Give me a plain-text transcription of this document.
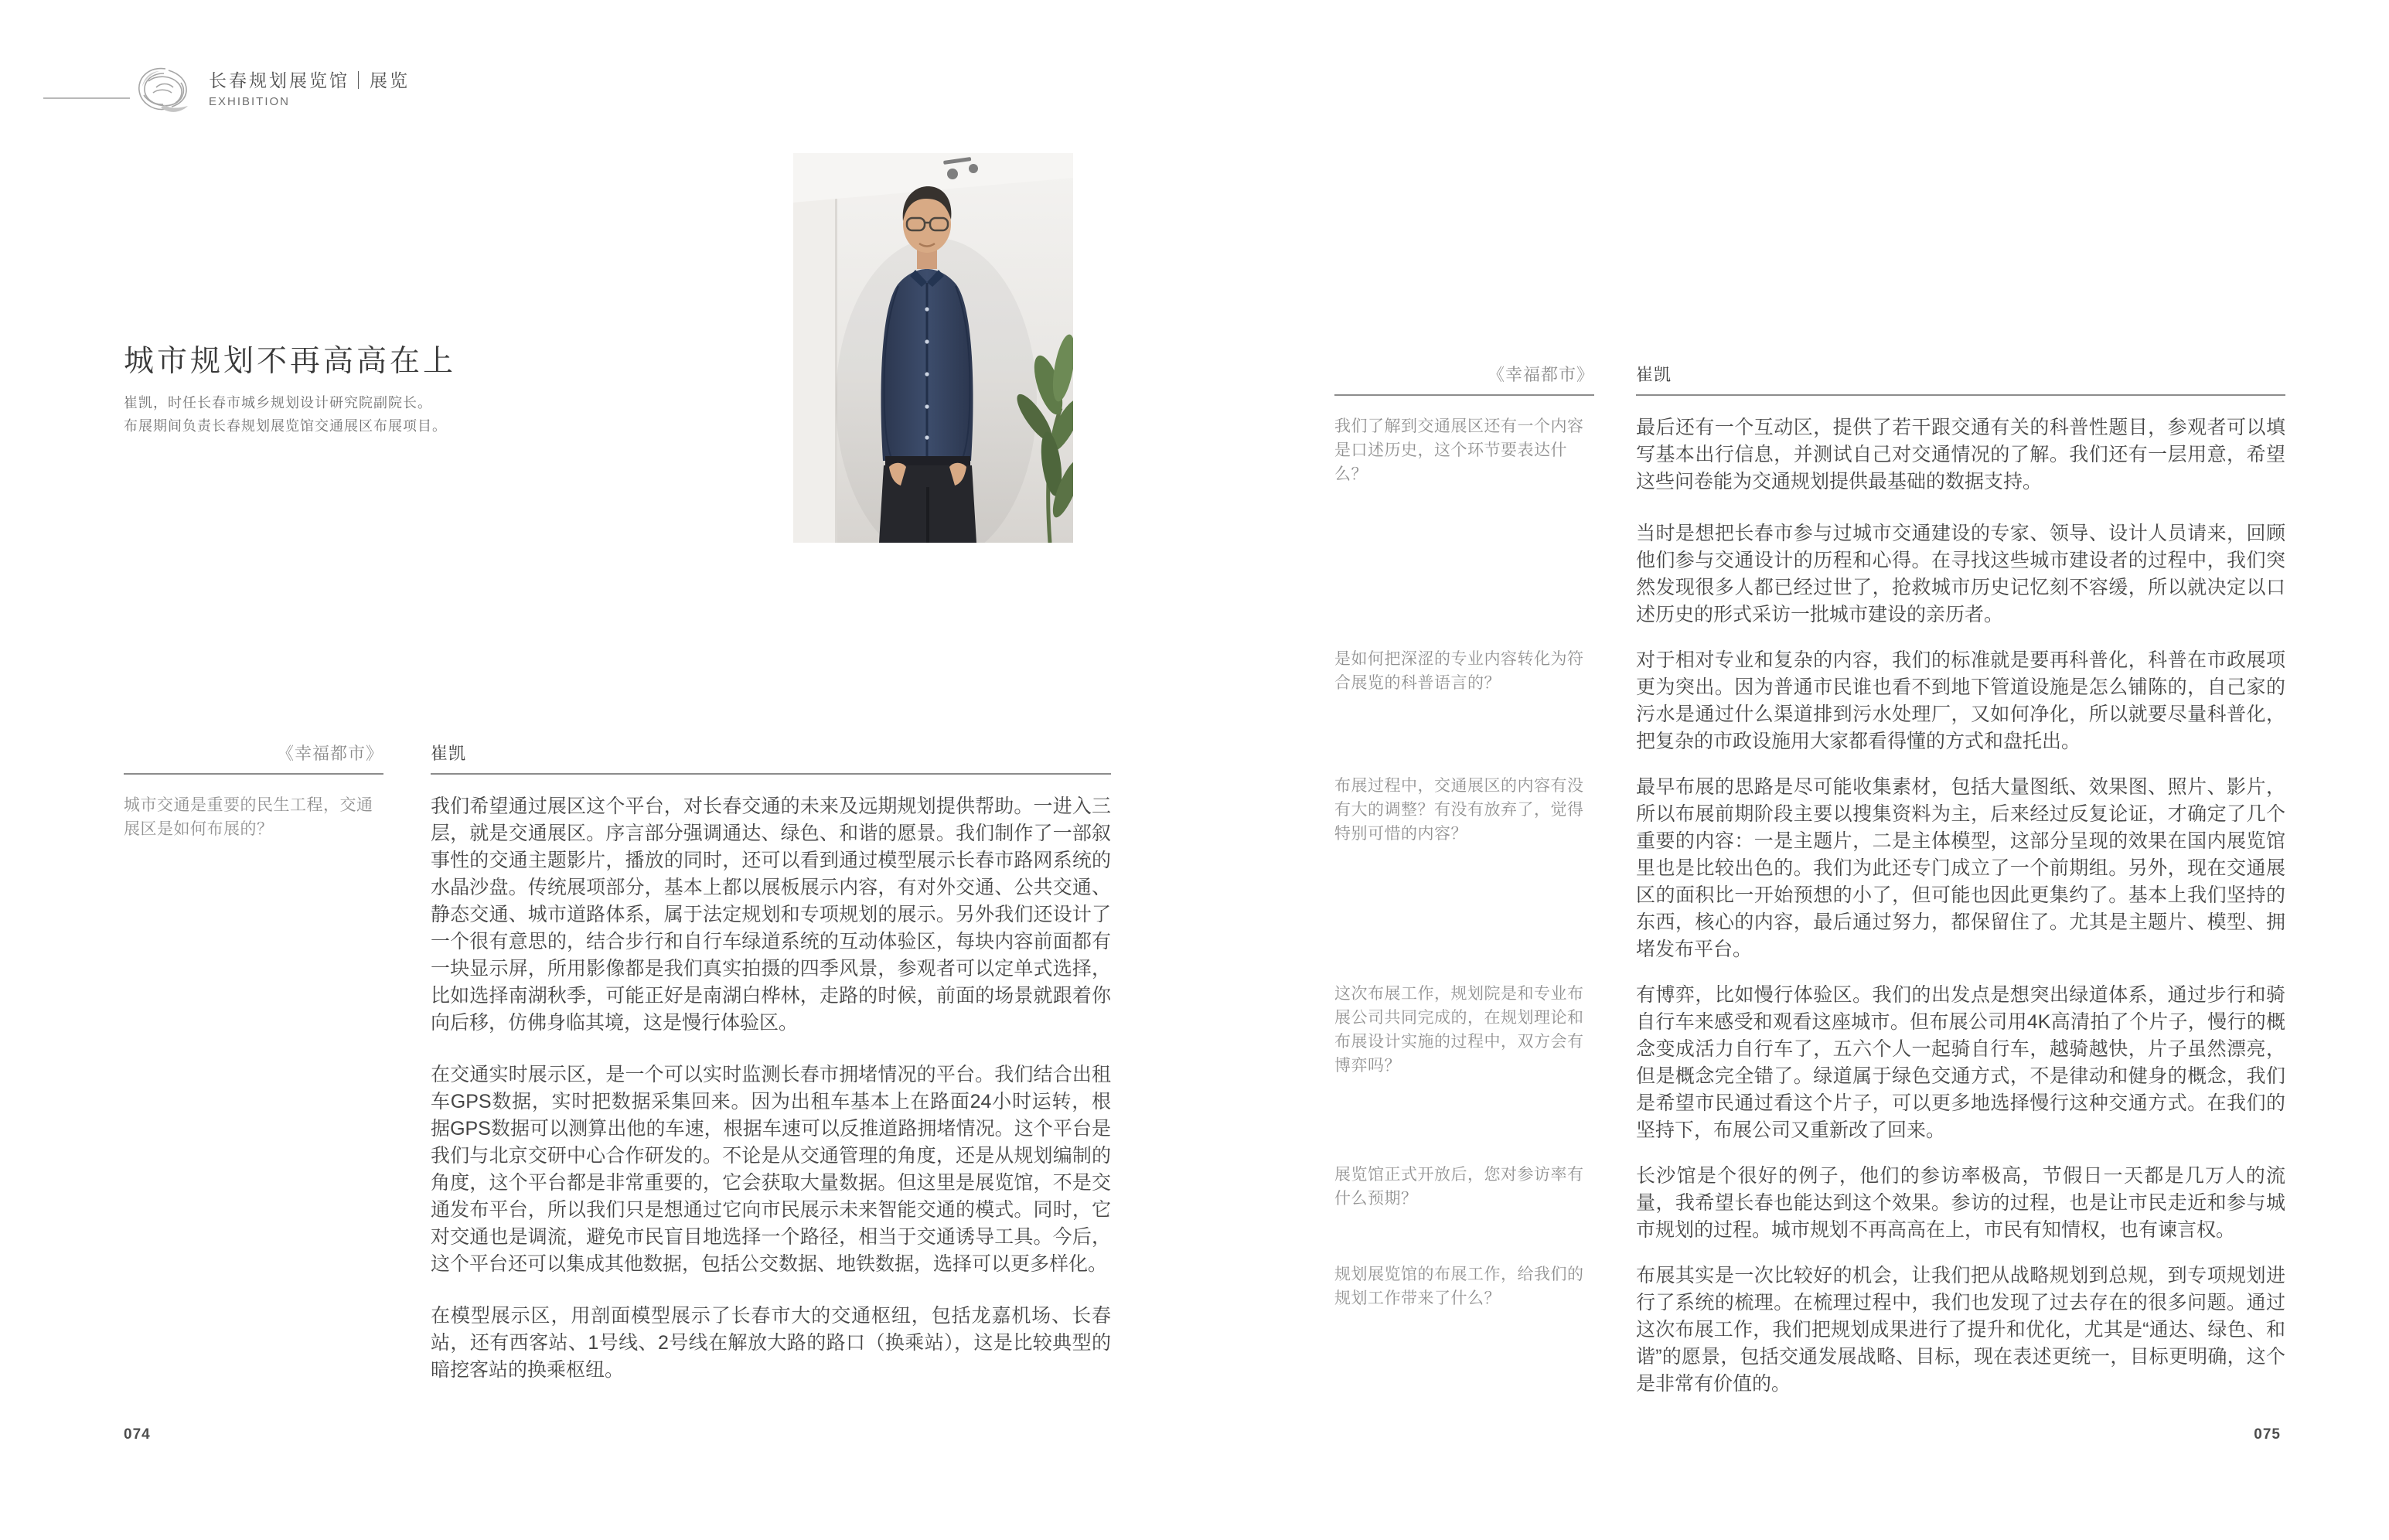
长春规划展览馆｜展览
EXHIBITION
城市规划不再高高在上

崔凯，时任长春市城乡规划设计研究院副院长。

布展期间负责长春规划展览馆交通展区布展项目。

《幸福都市》	崔凯
城市交通是重要的民生工程，交通展区是如何布展的？

我们希望通过展区这个平台，对长春交通的未来及远期规划提供帮助。一进入三层，就是交通展区。序言部分强调通达、绿色、和谐的愿景。我们制作了一部叙事性的交通主题影片，播放的同时，还可以看到通过模型展示长春市路网系统的水晶沙盘。传统展项部分，基本上都以展板展示内容，有对外交通、公共交通、静态交通、城市道路体系，属于法定规划和专项规划的展示。另外我们还设计了一个很有意思的，结合步行和自行车绿道系统的互动体验区，每块内容前面都有一块显示屏，所用影像都是我们真实拍摄的四季风景，参观者可以定单式选择，比如选择南湖秋季，可能正好是南湖白桦林，走路的时候，前面的场景就跟着你向后移，仿佛身临其境，这是慢行体验区。

在交通实时展示区，是一个可以实时监测长春市拥堵情况的平台。我们结合出租车GPS数据，实时把数据采集回来。因为出租车基本上在路面24小时运转，根据GPS数据可以测算出他的车速，根据车速可以反推道路拥堵情况。这个平台是我们与北京交研中心合作研发的。不论是从交通管理的角度，还是从规划编制的角度，这个平台都是非常重要的，它会获取大量数据。但这里是展览馆，不是交通发布平台，所以我们只是想通过它向市民展示未来智能交通的模式。同时，它对交通也是调流，避免市民盲目地选择一个路径，相当于交通诱导工具。今后，这个平台还可以集成其他数据，包括公交数据、地铁数据，选择可以更多样化。

在模型展示区，用剖面模型展示了长春市大的交通枢纽，包括龙嘉机场、长春站，还有西客站、1号线、2号线在解放大路的路口（换乘站），这是比较典型的暗挖客站的换乘枢纽。

074
《幸福都市》 崔凯
我们了解到交通展区还有一个内容是口述历史，这个环节要表达什么？

最后还有一个互动区，提供了若干跟交通有关的科普性题目，参观者可以填写基本出行信息，并测试自己对交通情况的了解。我们还有一层用意，希望这些问卷能为交通规划提供最基础的数据支持。

当时是想把长春市参与过城市交通建设的专家、领导、设计人员请来，回顾他们参与交通设计的历程和心得。在寻找这些城市建设者的过程中，我们突然发现很多人都已经过世了，抢救城市历史记忆刻不容缓，所以就决定以口述历史的形式采访一批城市建设的亲历者。

是如何把深涩的专业内容转化为符合展览的科普语言的？

对于相对专业和复杂的内容，我们的标准就是要再科普化，科普在市政展项更为突出。因为普通市民谁也看不到地下管道设施是怎么铺陈的，自己家的污水是通过什么渠道排到污水处理厂，又如何净化，所以就要尽量科普化，把复杂的市政设施用大家都看得懂的方式和盘托出。

布展过程中，交通展区的内容有没有大的调整？有没有放弃了，觉得特别可惜的内容？

最早布展的思路是尽可能收集素材，包括大量图纸、效果图、照片、影片，所以布展前期阶段主要以搜集资料为主，后来经过反复论证，才确定了几个重要的内容：一是主题片，二是主体模型，这部分呈现的效果在国内展览馆里也是比较出色的。我们为此还专门成立了一个前期组。另外，现在交通展区的面积比一开始预想的小了，但可能也因此更集约了。基本上我们坚持的东西，核心的内容，最后通过努力，都保留住了。尤其是主题片、模型、拥堵发布平台。

这次布展工作，规划院是和专业布展公司共同完成的，在规划理论和布展设计实施的过程中，双方会有博弈吗？

有博弈，比如慢行体验区。我们的出发点是想突出绿道体系，通过步行和骑自行车来感受和观看这座城市。但布展公司用4K高清拍了个片子，慢行的概念变成活力自行车了，五六个人一起骑自行车，越骑越快，片子虽然漂亮，但是概念完全错了。绿道属于绿色交通方式，不是律动和健身的概念，我们是希望市民通过看这个片子，可以更多地选择慢行这种交通方式。在我们的坚持下，布展公司又重新改了回来。

展览馆正式开放后，您对参访率有什么预期？

长沙馆是个很好的例子，他们的参访率极高，节假日一天都是几万人的流量，我希望长春也能达到这个效果。参访的过程，也是让市民走近和参与城市规划的过程。城市规划不再高高在上，市民有知情权，也有谏言权。

规划展览馆的布展工作，给我们的规划工作带来了什么？

布展其实是一次比较好的机会，让我们把从战略规划到总规，到专项规划进行了系统的梳理。在梳理过程中，我们也发现了过去存在的很多问题。通过这次布展工作，我们把规划成果进行了提升和优化，尤其是“通达、绿色、和谐”的愿景，包括交通发展战略、目标，现在表述更统一，目标更明确，这个是非常有价值的。

075
